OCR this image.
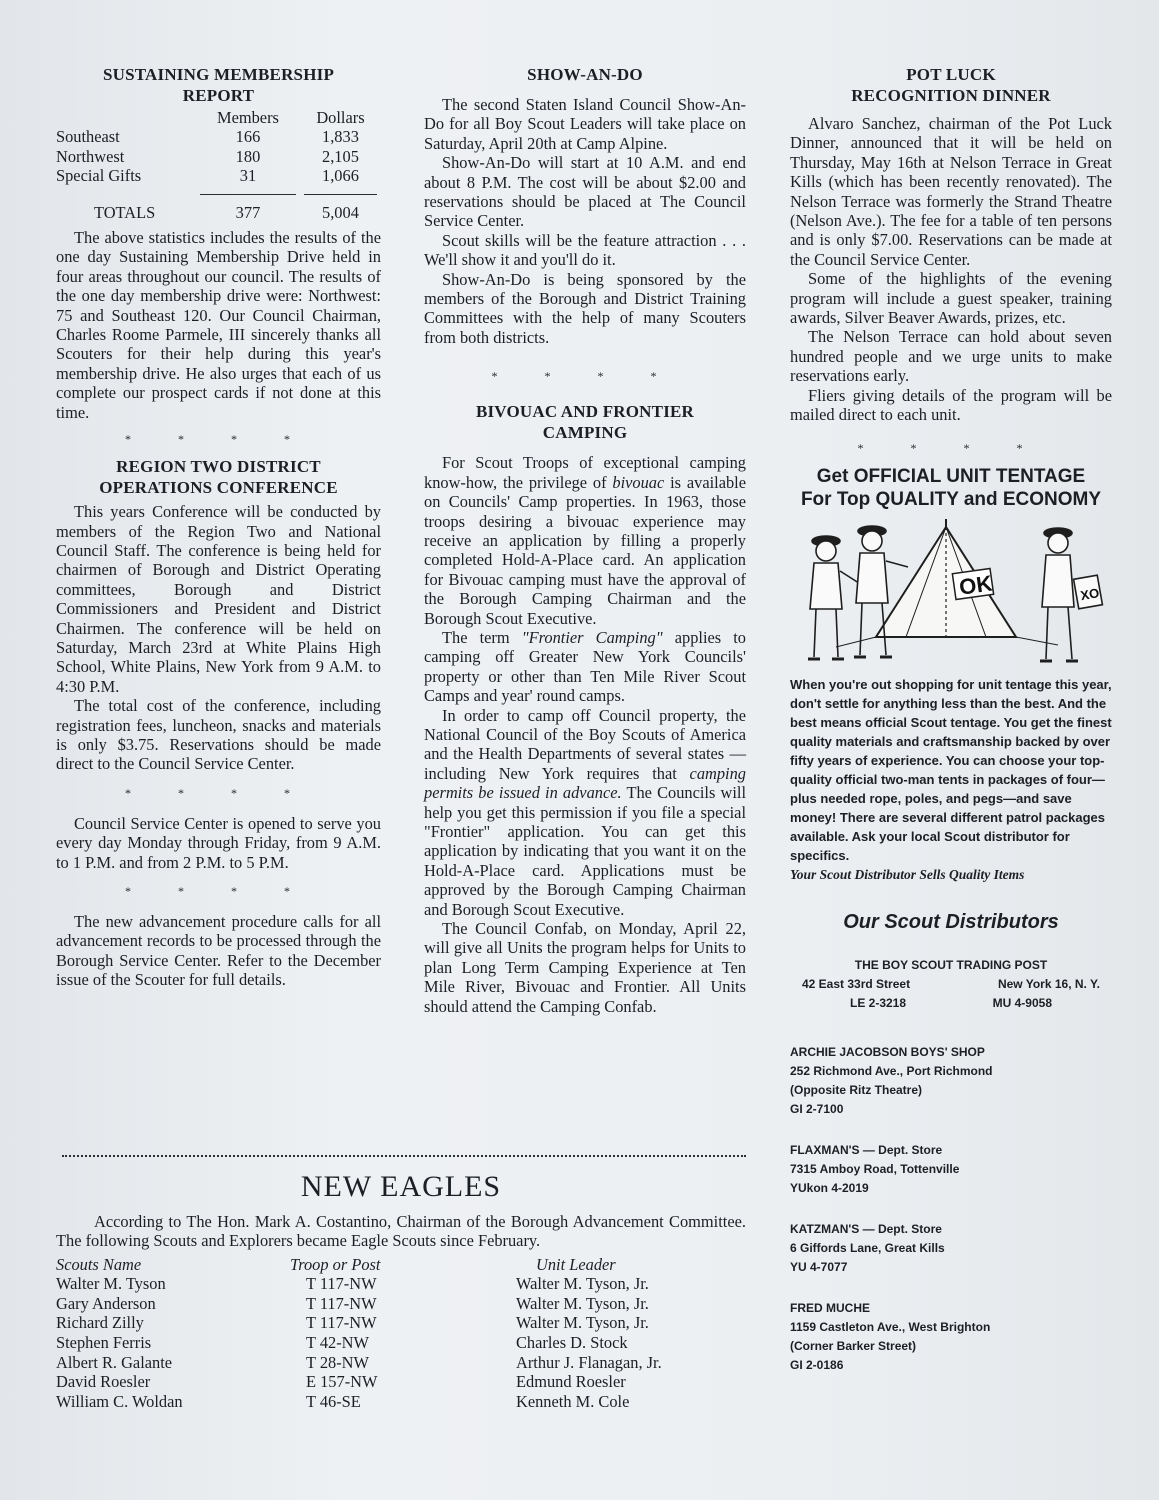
SUSTAINING MEMBERSHIP
REPORT
	Members	Dollars
Southeast	166	1,833
Northwest	180	2,105
Special Gifts	31	1,066

TOTALS	377	5,004

The above statistics includes the results of the one day Sustaining Membership Drive held in four areas throughout our council. The results of the one day membership drive were: Northwest: 75 and Southeast 120. Our Council Chairman, Charles Roome Parmele, III sincerely thanks all Scouters for their help during this year's membership drive. He also urges that each of us complete our prospect cards if not done at this time.

* * * *
REGION TWO DISTRICT
OPERATIONS CONFERENCE

This years Conference will be conducted by members of the Region Two and National Council Staff. The conference is being held for chairmen of Borough and District Operating committees, Borough and District Commissioners and President and District Chairmen. The conference will be held on Saturday, March 23rd at White Plains High School, White Plains, New York from 9 A.M. to 4:30 P.M.

The total cost of the conference, including registration fees, luncheon, snacks and materials is only $3.75. Reservations should be made direct to the Council Service Center.

* * * *

Council Service Center is opened to serve you every day Monday through Friday, from 9 A.M. to 1 P.M. and from 2 P.M. to 5 P.M.

* * * *

The new advancement procedure calls for all advancement records to be processed through the Borough Service Center. Refer to the December issue of the Scouter for full details.

SHOW-AN-DO

The second Staten Island Council Show-An-Do for all Boy Scout Leaders will take place on Saturday, April 20th at Camp Alpine.

Show-An-Do will start at 10 A.M. and end about 8 P.M. The cost will be about $2.00 and reservations should be placed at The Council Service Center.

Scout skills will be the feature attraction . . . We'll show it and you'll do it.

Show-An-Do is being sponsored by the members of the Borough and District Training Committees with the help of many Scouters from both districts.

* * * *
BIVOUAC AND FRONTIER
CAMPING

For Scout Troops of exceptional camping know-how, the privilege of bivouac is available on Councils' Camp properties. In 1963, those troops desiring a bivouac experience may receive an application by filling a properly completed Hold-A-Place card. An application for Bivouac camping must have the approval of the Borough Camping Chairman and the Borough Scout Executive.

The term "Frontier Camping" applies to camping off Greater New York Councils' property or other than Ten Mile River Scout Camps and year' round camps.

In order to camp off Council property, the National Council of the Boy Scouts of America and the Health Departments of several states — including New York requires that camping permits be issued in advance. The Councils will help you get this permission if you file a special "Frontier" application. You can get this application by indicating that you want it on the Hold-A-Place card. Applications must be approved by the Borough Camping Chairman and Borough Scout Executive.

The Council Confab, on Monday, April 22, will give all Units the program helps for Units to plan Long Term Camping Experience at Ten Mile River, Bivouac and Frontier. All Units should attend the Camping Confab.

POT LUCK
RECOGNITION DINNER

Alvaro Sanchez, chairman of the Pot Luck Dinner, announced that it will be held on Thursday, May 16th at Nelson Terrace in Great Kills (which has been recently renovated). The Nelson Terrace was formerly the Strand Theatre (Nelson Ave.). The fee for a table of ten persons and is only $7.00. Reservations can be made at the Council Service Center.

Some of the highlights of the evening program will include a guest speaker, training awards, Silver Beaver Awards, prizes, etc.

The Nelson Terrace can hold about seven hundred people and we urge units to make reservations early.

Fliers giving details of the program will be mailed direct to each unit.

* * * *
Get OFFICIAL UNIT TENTAGE
For Top QUALITY and ECONOMY
OK	XO
When you're out shopping for unit tentage this year, don't settle for anything less than the best. And the best means official Scout tentage. You get the finest quality materials and craftsmanship backed by over fifty years of experience. You can choose your top-quality official two-man tents in packages of four—plus needed rope, poles, and pegs—and save money! There are several different patrol packages available. Ask your local Scout distributor for specifics.
Your Scout Distributor Sells Quality Items
Our Scout Distributors
THE BOY SCOUT TRADING POST
42 East 33rd Street	New York 16, N. Y.
LE 2-3218	MU 4-9058
ARCHIE JACOBSON BOYS' SHOP
252 Richmond Ave., Port Richmond
(Opposite Ritz Theatre)
GI 2-7100
FLAXMAN'S — Dept. Store
7315 Amboy Road, Tottenville
YUkon 4-2019
KATZMAN'S — Dept. Store
6 Giffords Lane, Great Kills
YU 4-7077
FRED MUCHE
1159 Castleton Ave., West Brighton
(Corner Barker Street)
GI 2-0186
NEW EAGLES

According to The Hon. Mark A. Costantino, Chairman of the Borough Advancement Committee. The following Scouts and Explorers became Eagle Scouts since February.

Scouts Name	Troop or Post	Unit Leader
Walter M. Tyson	T 117-NW	Walter M. Tyson, Jr.
Gary Anderson	T 117-NW	Walter M. Tyson, Jr.
Richard Zilly	T 117-NW	Walter M. Tyson, Jr.
Stephen Ferris	T 42-NW	Charles D. Stock
Albert R. Galante	T 28-NW	Arthur J. Flanagan, Jr.
David Roesler	E 157-NW	Edmund Roesler
William C. Woldan	T 46-SE	Kenneth M. Cole
